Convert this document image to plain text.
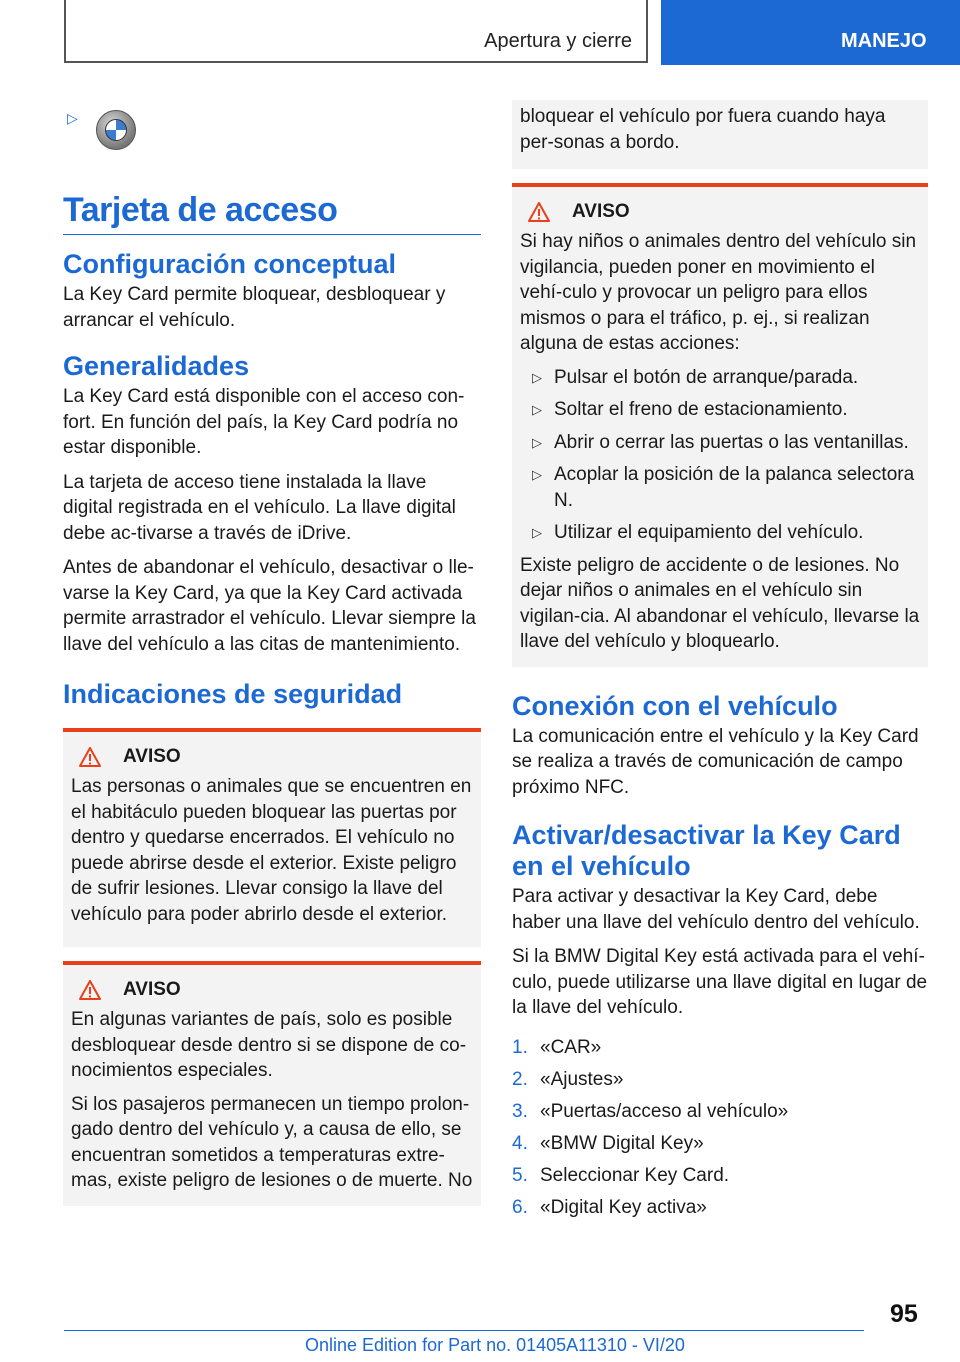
Apertura y cierre	MANEJO
▷
Tarjeta de acceso
Configuración conceptual

La Key Card permite bloquear, desbloquear y arrancar el vehículo.

Generalidades

La Key Card está disponible con el acceso con-fort. En función del país, la Key Card podría no estar disponible.

La tarjeta de acceso tiene instalada la llave digital registrada en el vehículo. La llave digital debe ac-tivarse a través de iDrive.

Antes de abandonar el vehículo, desactivar o lle-varse la Key Card, ya que la Key Card activada permite arrastrador el vehículo. Llevar siempre la llave del vehículo a las citas de mantenimiento.

Indicaciones de seguridad
AVISO

Las personas o animales que se encuentren en el habitáculo pueden bloquear las puertas por dentro y quedarse encerrados. El vehículo no puede abrirse desde el exterior. Existe peligro de sufrir lesiones. Llevar consigo la llave del vehículo para poder abrirlo desde el exterior.

AVISO

En algunas variantes de país, solo es posible desbloquear desde dentro si se dispone de co-nocimientos especiales.

Si los pasajeros permanecen un tiempo prolon-gado dentro del vehículo y, a causa de ello, se encuentran sometidos a temperaturas extre-mas, existe peligro de lesiones o de muerte. No

bloquear el vehículo por fuera cuando haya per-sonas a bordo.

AVISO

Si hay niños o animales dentro del vehículo sin vigilancia, pueden poner en movimiento el vehí-culo y provocar un peligro para ellos mismos o para el tráfico, p. ej., si realizan alguna de estas acciones:

▷ Pulsar el botón de arranque/parada.
▷ Soltar el freno de estacionamiento.
▷ Abrir o cerrar las puertas o las ventanillas.
▷ Acoplar la posición de la palanca selectora N.
▷ Utilizar el equipamiento del vehículo.

Existe peligro de accidente o de lesiones. No dejar niños o animales en el vehículo sin vigilan-cia. Al abandonar el vehículo, llevarse la llave del vehículo y bloquearlo.

Conexión con el vehículo

La comunicación entre el vehículo y la Key Card se realiza a través de comunicación de campo próximo NFC.

Activar/desactivar la Key Card en el vehículo

Para activar y desactivar la Key Card, debe haber una llave del vehículo dentro del vehículo.

Si la BMW Digital Key está activada para el vehí-culo, puede utilizarse una llave digital en lugar de la llave del vehículo.

1. «CAR»
2. «Ajustes»
3. «Puertas/acceso al vehículo»
4. «BMW Digital Key»
5. Seleccionar Key Card.
6. «Digital Key activa»
95
Online Edition for Part no. 01405A11310 - VI/20
